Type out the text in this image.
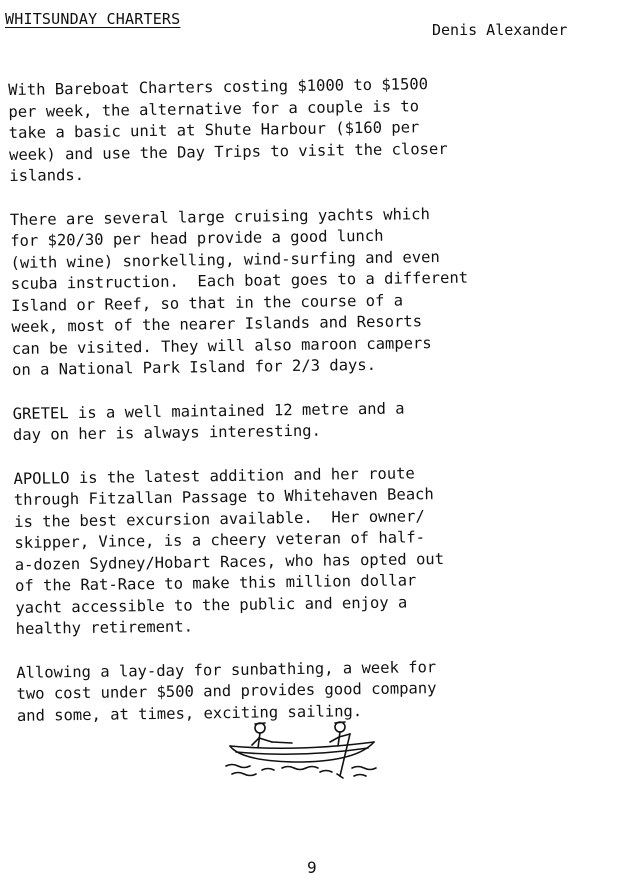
WHITSUNDAY CHARTERS
Denis Alexander

With Bareboat Charters costing $1000 to $1500
per week, the alternative for a couple is to
take a basic unit at Shute Harbour ($160 per
week) and use the Day Trips to visit the closer
islands.

There are several large cruising yachts which
for $20/30 per head provide a good lunch
(with wine) snorkelling, wind-surfing and even
scuba instruction.  Each boat goes to a different
Island or Reef, so that in the course of a
week, most of the nearer Islands and Resorts
can be visited. They will also maroon campers
on a National Park Island for 2/3 days.

GRETEL is a well maintained 12 metre and a
day on her is always interesting.

APOLLO is the latest addition and her route
through Fitzallan Passage to Whitehaven Beach
is the best excursion available.  Her owner/
skipper, Vince, is a cheery veteran of half-
a-dozen Sydney/Hobart Races, who has opted out
of the Rat-Race to make this million dollar
yacht accessible to the public and enjoy a
healthy retirement.

Allowing a lay-day for sunbathing, a week for
two cost under $500 and provides good company
and some, at times, exciting sailing.

9
